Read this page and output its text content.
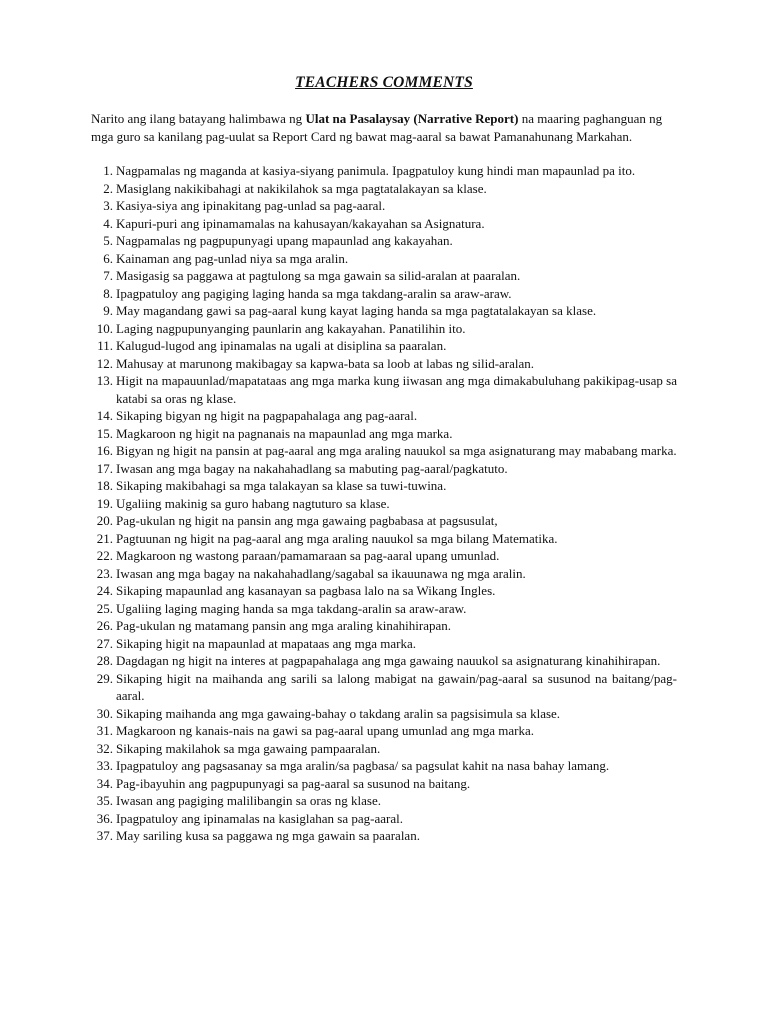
TEACHERS COMMENTS

Narito ang ilang batayang halimbawa ng Ulat na Pasalaysay (Narrative Report) na maaring paghanguan ng mga guro sa kanilang pag-uulat sa Report Card ng bawat mag-aaral sa bawat Pamanahunang Markahan.

1. Nagpamalas ng maganda at kasiya-siyang panimula. Ipagpatuloy kung hindi man mapaunlad pa ito.
2. Masiglang nakikibahagi at nakikilahok sa mga pagtatalakayan sa klase.
3. Kasiya-siya ang ipinakitang pag-unlad sa pag-aaral.
4. Kapuri-puri ang ipinamamalas na kahusayan/kakayahan sa Asignatura.
5. Nagpamalas ng pagpupunyagi upang mapaunlad ang kakayahan.
6. Kainaman ang pag-unlad niya sa mga aralin.
7. Masigasig sa paggawa at pagtulong sa mga gawain sa silid-aralan at paaralan.
8. Ipagpatuloy ang pagiging laging handa sa mga takdang-aralin sa araw-araw.
9. May magandang gawi sa pag-aaral kung kayat laging handa sa mga pagtatalakayan sa klase.
10. Laging nagpupunyanging paunlarin ang kakayahan. Panatilihin ito.
11. Kalugud-lugod ang ipinamalas na ugali at disiplina sa paaralan.
12. Mahusay at marunong makibagay sa kapwa-bata sa loob at labas ng silid-aralan.
13. Higit na mapauunlad/mapatataas ang mga marka kung iiwasan ang mga dimakabuluhang pakikipag-usap sa katabi sa oras ng klase.
14. Sikaping bigyan ng higit na pagpapahalaga ang pag-aaral.
15. Magkaroon ng higit na pagnanais na mapaunlad ang mga marka.
16. Bigyan ng higit na pansin at pag-aaral ang mga araling nauukol sa mga asignaturang may mababang marka.
17. Iwasan ang mga bagay na nakahahadlang sa mabuting pag-aaral/pagkatuto.
18. Sikaping makibahagi sa mga talakayan sa klase sa tuwi-tuwina.
19. Ugaliing makinig sa guro habang nagtuturo sa klase.
20. Pag-ukulan ng higit na pansin ang mga gawaing pagbabasa at pagsusulat,
21. Pagtuunan ng higit na pag-aaral ang mga araling nauukol sa mga bilang Matematika.
22. Magkaroon ng wastong paraan/pamamaraan sa pag-aaral upang umunlad.
23. Iwasan ang mga bagay na nakahahadlang/sagabal sa ikauunawa ng mga aralin.
24. Sikaping mapaunlad ang kasanayan sa pagbasa lalo na sa Wikang Ingles.
25. Ugaliing laging maging handa sa mga takdang-aralin sa araw-araw.
26. Pag-ukulan ng matamang pansin ang mga araling kinahihirapan.
27. Sikaping higit na mapaunlad at mapataas ang mga marka.
28. Dagdagan ng higit na interes at pagpapahalaga ang mga gawaing nauukol sa asignaturang kinahihirapan.
29. Sikaping higit na maihanda ang sarili sa lalong mabigat na gawain/pag-aaral sa susunod na baitang/pag-aaral.
30. Sikaping maihanda ang mga gawaing-bahay o takdang aralin sa pagsisimula sa klase.
31. Magkaroon ng kanais-nais na gawi sa pag-aaral upang umunlad ang mga marka.
32. Sikaping makilahok sa mga gawaing pampaaralan.
33. Ipagpatuloy ang pagsasanay sa mga aralin/sa pagbasa/ sa pagsulat kahit na nasa bahay lamang.
34. Pag-ibayuhin ang pagpupunyagi sa pag-aaral sa susunod na baitang.
35. Iwasan ang pagiging malilibangin sa oras ng klase.
36. Ipagpatuloy ang ipinamalas na kasiglahan sa pag-aaral.
37. May sariling kusa sa paggawa ng mga gawain sa paaralan.
